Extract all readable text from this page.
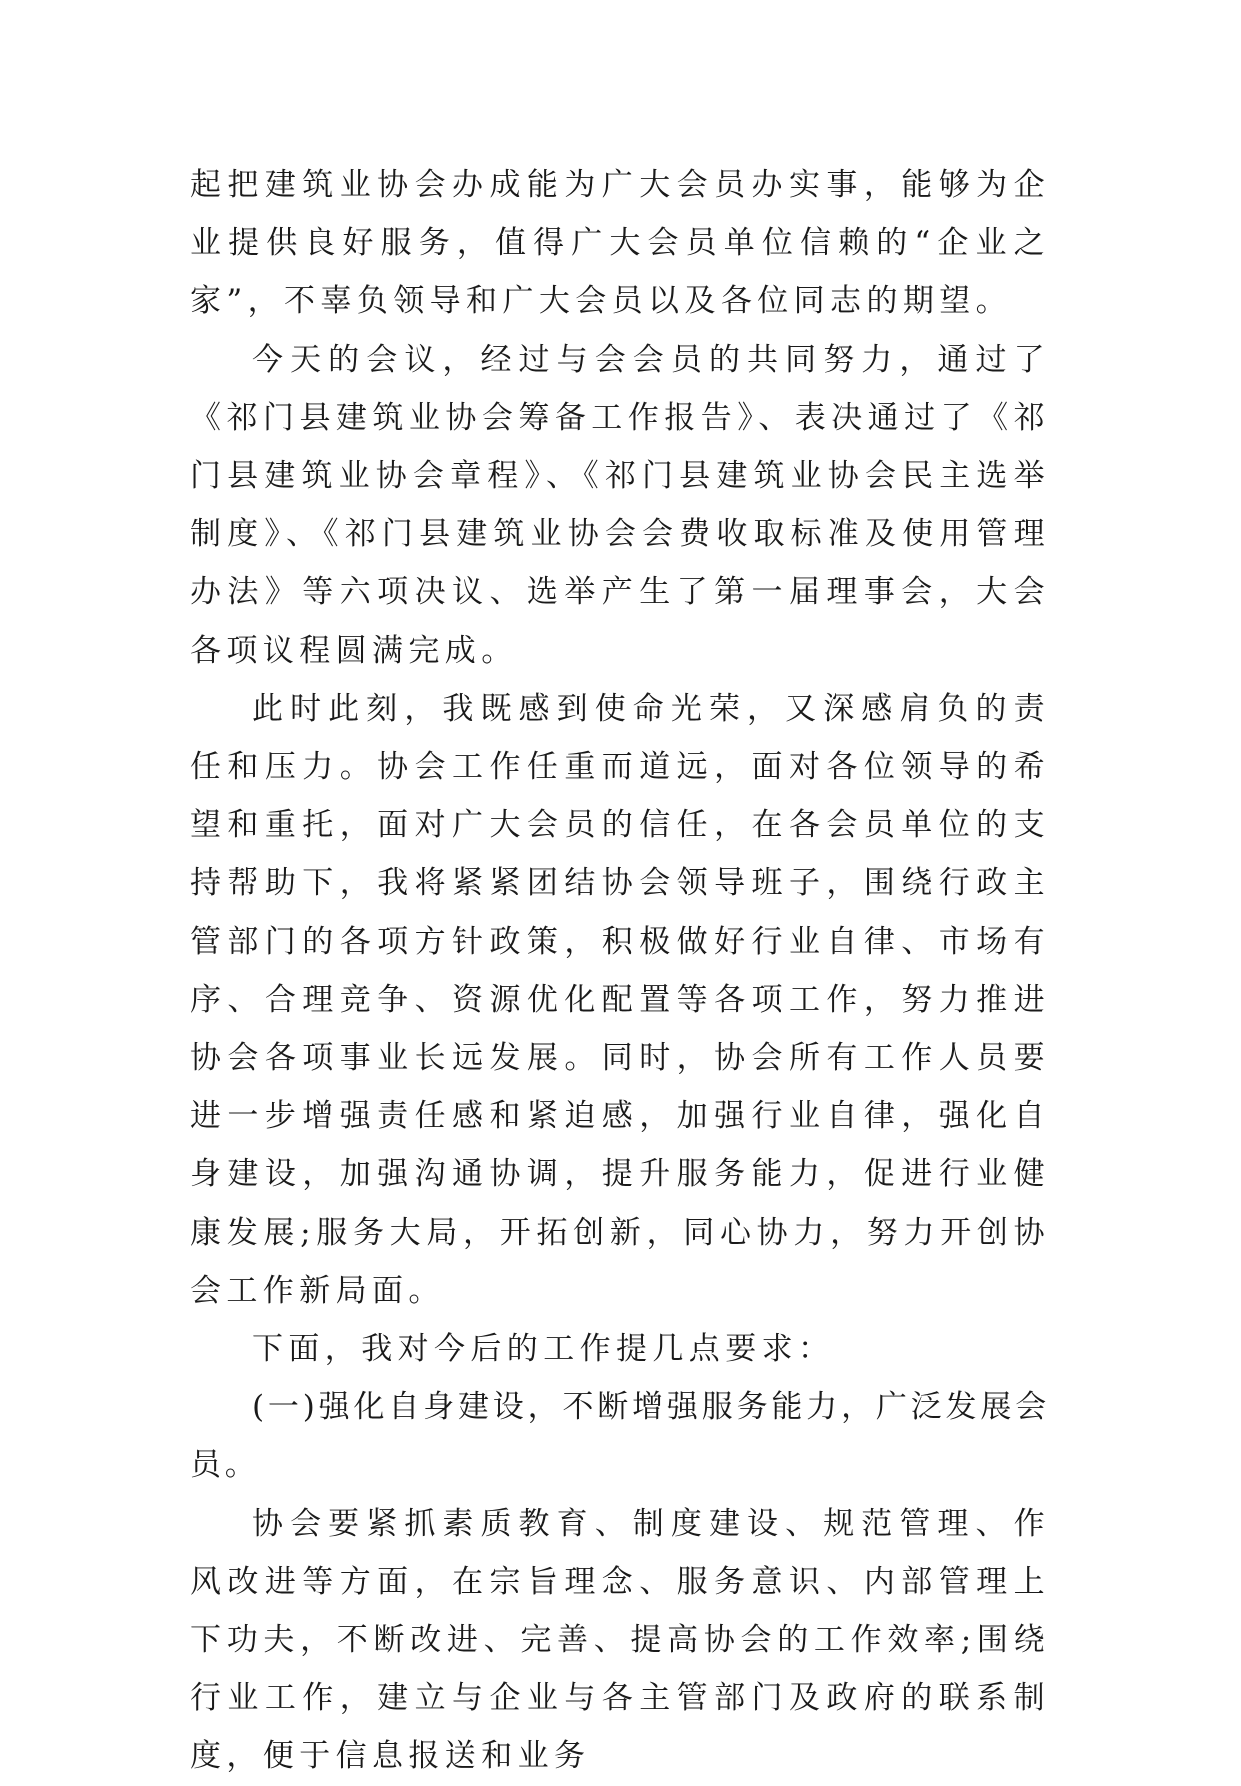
起把建筑业协会办成能为广大会员办实事，能够为企业提供良好服务，值得广大会员单位信赖的“企业之家”，不辜负领导和广大会员以及各位同志的期望。

今天的会议，经过与会会员的共同努力，通过了《祁门县建筑业协会筹备工作报告》、表决通过了《祁门县建筑业协会章程》、《祁门县建筑业协会民主选举制度》、《祁门县建筑业协会会费收取标准及使用管理办法》等六项决议、选举产生了第一届理事会，大会各项议程圆满完成。

此时此刻，我既感到使命光荣，又深感肩负的责任和压力。协会工作任重而道远，面对各位领导的希望和重托，面对广大会员的信任，在各会员单位的支持帮助下，我将紧紧团结协会领导班子，围绕行政主管部门的各项方针政策，积极做好行业自律、市场有序、合理竞争、资源优化配置等各项工作，努力推进协会各项事业长远发展。同时，协会所有工作人员要进一步增强责任感和紧迫感，加强行业自律，强化自身建设，加强沟通协调，提升服务能力，促进行业健康发展;服务大局，开拓创新，同心协力，努力开创协会工作新局面。

下面，我对今后的工作提几点要求：

(一)强化自身建设，不断增强服务能力，广泛发展会员。

协会要紧抓素质教育、制度建设、规范管理、作风改进等方面，在宗旨理念、服务意识、内部管理上下功夫，不断改进、完善、提高协会的工作效率;围绕行业工作，建立与企业与各主管部门及政府的联系制度，便于信息报送和业务
